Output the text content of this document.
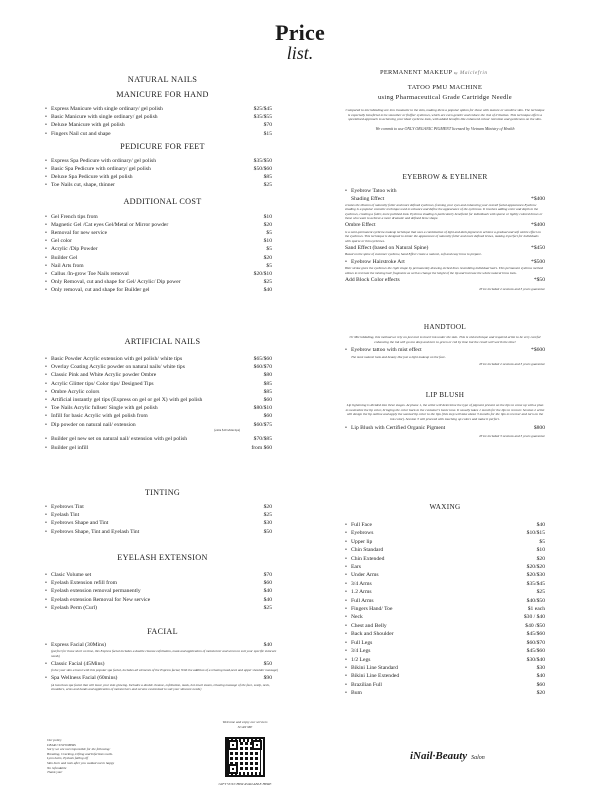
Price
list.
NATURAL NAILS
MANICURE FOR HAND
• Express Manicure with single ordinary/ gel polish	$25/$45
• Basic Manicure with single ordinary/ gel polish	$35/$55
• Deluxe Manicure with gel polish	$70
• Fingers Nail cut and shape	$15
PEDICURE FOR FEET
• Express Spa Pedicure with ordinary/ gel polish	$35/$50
• Basic Spa Pedicure with ordinary/ gel polish	$50/$60
• Deluxe Spa Pedicure with gel polish	$85
• Toe Nails cut, shape, thinner	$25
ADDITIONAL COST
• Gel French tips from	$10
• Magnetic Gel /Cat eyes Gel/Metal or Mirror powder	$20
• Removal for new service	$5
• Gel color	$10
• Acrylic /Dip Powder	$5
• Builder Gel	$20
• Nail Arts from	$5
• Callus /In-grow Toe Nails removal	$20/$10
• Only Removal, cut and shape for Gel/ Acrylic/ Dip power	$25
• Only removal, cut and shape for Builder gel	$40
ARTIFICIAL NAILS
• Basic Powder Acrylic extension with gel polish/ white tips	$65/$60
• Overlay Coating Acrylic powder on natural nails/ white tips	$60/$70
• Classic Pink and White Acrylic powder Ombre	$80
• Acrylic Glitter tips/ Color tips/ Designed Tips	$85
• Ombre Acrylic colors	$85
• Artificial instantly gel tips (Express on gel or gel X) with gel polish	$60
• Toe Nails Acrylic fullset/ Single with gel polish	$80/$10
• Infill for basic Acrylic with gel polish from	$60
• Dip powder on natural nail/ extension	$60/$75
(extra $10 white tips)
• Builder gel new set on natural nail/ extension with gel polish	$70/$85
• Builder gel infill	from $60
TINTING
• Eyebrows Tint	$20
• Eyelash Tint	$25
• Eyebrows Shape and Tint	$30
• Eyebrows Shape, Tint and Eyelash Tint	$50
EYELASH EXTENSION
• Clasic Volume set	$70
• Eyelash Extension refill from	$60
• Eyelash extension removal permanently	$40
• Eyelash extension Removal for New service	$40
• Eyelash Perm (Curl)	$25
FACIAL
• Express Facial (30Mins)	$40
(perfect for those short on time, this Express facial includes a double cleanse exfoliation, mask and application of moisturizer and serum to suit your specific skincare needs)
• Classic Facial (45Mins)	$50
(Give your skin a boost with this popular spa facial, includes all elements of the Express facial, With the addition of a relaxing head,neck and upper shoulder massage)
• Spa Wellness Facial (60mins)	$90
(A luxurious spa facial that will leave your skin glowing. Includes a double cleanse, exfoliation, mask, hot towel steam, relaxing massage of the face, scalp, neck, shoulders, arms and hands and application of moisturisers and serums customised to suit your skincare needs)
Our policy
DEAR CUSTOMERS
Sorry we are not responsible for the following:
Breaking, Cracking, Lifting and Infections nails.
Lyon hairs, Eyelash falling off
Skin burn and rash after you walked out in happy
No refundable
Thank you!
Welcome and enjoy our services
SCAN ME
GIFT VOUCHER AVAILABLE HERE
PERMANENT MAKEUP by Maiclefrin
TATOO PMU MACHINE
using Pharmaceutical Grade Cartridge Needle
Compared to microblading are less traumatic to the skin, making them a popular option for those with mature or sensitive skin. The technique is especially beneficial to be smoother or fluffier eyebrows, which are even gentler and reduce the risk of irritation. This technique offers a specialised approach to achieving your ideal eyebrow look, with added benefits like enhanced colour retention and gentleness on the skin.
We commit to use ONLY ORGANIC PIGMENT licensed by Vietnam Ministry of Health
EYEBROW & EYELINER
• Eyebrow Tatoo with
Shading Effect	*$400
creates the illusion of naturally fuller and more defined eyebrows, framing your eyes and enhancing your overall facial appearance.Eyebrow shading is a popular cosmetic technique used to enhance and define the appearance of the eyebrows. It involves adding color and depth to the eyebrows, creating a fuller, more polished look. Eyebrow shading is particularly beneficial for individuals with sparse or lightly colored brows or those who want to achieve a more dramatic and defined brow shape.
Ombre Effect	*$400
is a semi-permanent eyebrow makeup technique that uses a combination of light and dark pigment to achieve a gradual and soft ombre effect on the eyebrows. This technique is designed to mimic the appearance of naturally fuller and more defined brows, making it perfect for individuals with sparse or thin eyebrows.
Sand Effect (based on Natural Spine)	*$450
Based on the spine of customer eyebrow, Sand Effect create a natural, soft and easy brow to prepare.
• Eyebrow Hairstroke Art	*$500
Hair stroke gives the eyebrows the right shape by permanently drawing etched lines resembling individual hairs. This permanent eyebrow method allows to recreate the missing hair fragments as well as change the height of the tip and increase the whole natural brow look.
Add Block Color effects	*$50
Price included 2 sessions and 3 years guarantee
HANDTOOL
Or Microblading, this method we rely on just tool to insert ink under the skin. This is old technique and required artist to be very careful enhancing the ink will go too deep and turn to green or red by time but the result will worth the time!
• Eyebrow tattoo with mist effect	*$600
The most natural look and beauty like just a light makeup on the face.
Price included 2 sessions and 3 years guarantee
LIP BLUSH
Lip lightening is divided into three stages. At phase 1, the artist will determine the type of pigment present on the lips to come up with a plan to neutralize the lip color, bringing the color back to the customer's basic tone. It usually takes 1 month for the lips to recover. Session 2 artist will design the lip outline and apply the wanted lip color to the lips (this step will take about 3 months for the lips to recover and turn on the ink color). Session 3 will proceed with touching up colors and make it perfect.
• Lip Blush with Certified Organic Pigment	$800
Price included 3 sessions and 3 years guarantee
WAXING
• Full Face	$40
• Eyebrows	$10/$15
• Upper lip	$5
• Chin Standard	$10
• Chin Extended	$20
• Ears	$20/$20
• Under Arms	$20/$30
• 3/4 Arms	$35/$45
• 1.2 Arms	$25
• Full Arms	$40/$50
• Fingers Hand/ Toe	$1 each
• Neck	$30 / $40
• Chest and Belly	$40 /$50
• Back and Shoulder	$45/$60
• Full Legs	$60/$70
• 3/4 Legs	$45/$60
• 1/2 Legs	$30/$40
• Bikini Line Standard	$30
• Bikini Line Extended	$40
• Brazilian Full	$60
• Bum	$20
iNail·Beauty Salon
